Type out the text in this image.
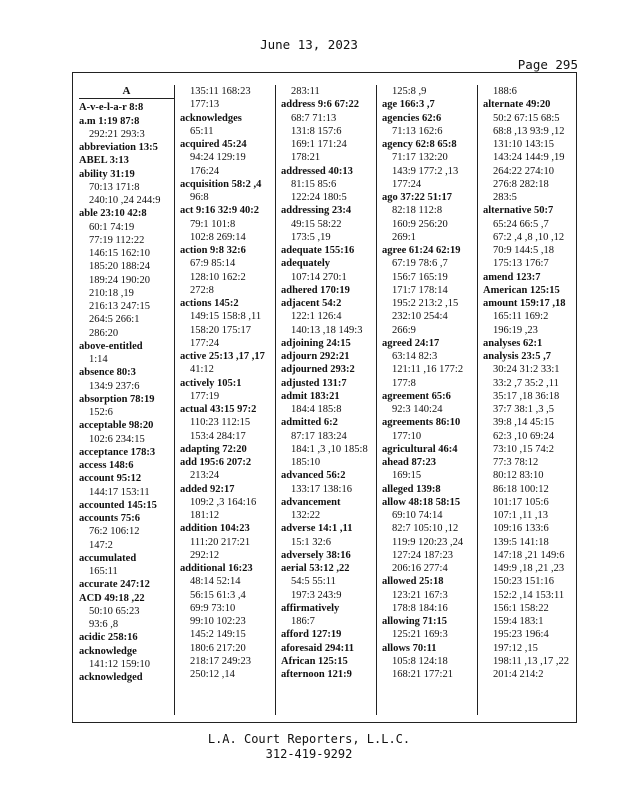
June 13, 2023
Page 295
A
A-v-e-l-a-r 8:8
a.m 1:19 87:8
292:21 293:3
abbreviation 13:5
ABEL 3:13
ability 31:19
70:13 171:8
240:10 ,24 244:9
able 23:10 42:8
60:1 74:19
77:19 112:22
146:15 162:10
185:20 188:24
189:24 190:20
210:18 ,19
216:13 247:15
264:5 266:1
286:20
above-entitled
1:14
absence 80:3
134:9 237:6
absorption 78:19
152:6
acceptable 98:20
102:6 234:15
acceptance 178:3
access 148:6
account 95:12
144:17 153:11
accounted 145:15
accounts 75:6
76:2 106:12
147:2
accumulated
165:11
accurate 247:12
ACD 49:18 ,22
50:10 65:23
93:6 ,8
acidic 258:16
acknowledge
141:12 159:10
acknowledged
135:11 168:23
177:13
acknowledges
65:11
acquired 45:24
94:24 129:19
176:24
acquisition 58:2 ,4
96:8
act 9:16 32:9 40:2
79:1 101:8
102:8 269:14
action 9:8 32:6
67:9 85:14
128:10 162:2
272:8
actions 145:2
149:15 158:8 ,11
158:20 175:17
177:24
active 25:13 ,17 ,17
41:12
actively 105:1
177:19
actual 43:15 97:2
110:23 112:15
153:4 284:17
adapting 72:20
add 195:6 207:2
213:24
added 92:17
109:2 ,3 164:16
181:12
addition 104:23
111:20 217:21
292:12
additional 16:23
48:14 52:14
56:15 61:3 ,4
69:9 73:10
99:10 102:23
145:2 149:15
180:6 217:20
218:17 249:23
250:12 ,14
283:11
address 9:6 67:22
68:7 71:13
131:8 157:6
169:1 171:24
178:21
addressed 40:13
81:15 85:6
122:24 180:5
addressing 23:4
49:15 58:22
173:5 ,19
adequate 155:16
adequately
107:14 270:1
adhered 170:19
adjacent 54:2
122:1 126:4
140:13 ,18 149:3
adjoining 24:15
adjourn 292:21
adjourned 293:2
adjusted 131:7
admit 183:21
184:4 185:8
admitted 6:2
87:17 183:24
184:1 ,3 ,10 185:8
185:10
advanced 56:2
133:17 138:16
advancement
132:22
adverse 14:1 ,11
15:1 32:6
adversely 38:16
aerial 53:12 ,22
54:5 55:11
197:3 243:9
affirmatively
186:7
afford 127:19
aforesaid 294:11
African 125:15
afternoon 121:9
125:8 ,9
age 166:3 ,7
agencies 62:6
71:13 162:6
agency 62:8 65:8
71:17 132:20
143:9 177:2 ,13
177:24
ago 37:22 51:17
82:18 112:8
160:9 256:20
269:1
agree 61:24 62:19
67:19 78:6 ,7
156:7 165:19
171:7 178:14
195:2 213:2 ,15
232:10 254:4
266:9
agreed 24:17
63:14 82:3
121:11 ,16 177:2
177:8
agreement 65:6
92:3 140:24
agreements 86:10
177:10
agricultural 46:4
ahead 87:23
169:15
alleged 139:8
allow 48:18 58:15
69:10 74:14
82:7 105:10 ,12
119:9 120:23 ,24
127:24 187:23
206:16 277:4
allowed 25:18
123:21 167:3
178:8 184:16
allowing 71:15
125:21 169:3
allows 70:11
105:8 124:18
168:21 177:21
188:6
alternate 49:20
50:2 67:15 68:5
68:8 ,13 93:9 ,12
131:10 143:15
143:24 144:9 ,19
264:22 274:10
276:8 282:18
283:5
alternative 50:7
65:24 66:5 ,7
67:2 ,4 ,8 ,10 ,12
70:9 144:5 ,18
175:13 176:7
amend 123:7
American 125:15
amount 159:17 ,18
165:11 169:2
196:19 ,23
analyses 62:1
analysis 23:5 ,7
30:24 31:2 33:1
33:2 ,7 35:2 ,11
35:17 ,18 36:18
37:7 38:1 ,3 ,5
39:8 ,14 45:15
62:3 ,10 69:24
73:10 ,15 74:2
77:3 78:12
80:12 83:10
86:18 100:12
101:17 105:6
107:1 ,11 ,13
109:16 133:6
139:5 141:18
147:18 ,21 149:6
149:9 ,18 ,21 ,23
150:23 151:16
152:2 ,14 153:11
156:1 158:22
159:4 183:1
195:23 196:4
197:12 ,15
198:11 ,13 ,17 ,22
201:4 214:2
L.A. Court Reporters, L.L.C.
312-419-9292
